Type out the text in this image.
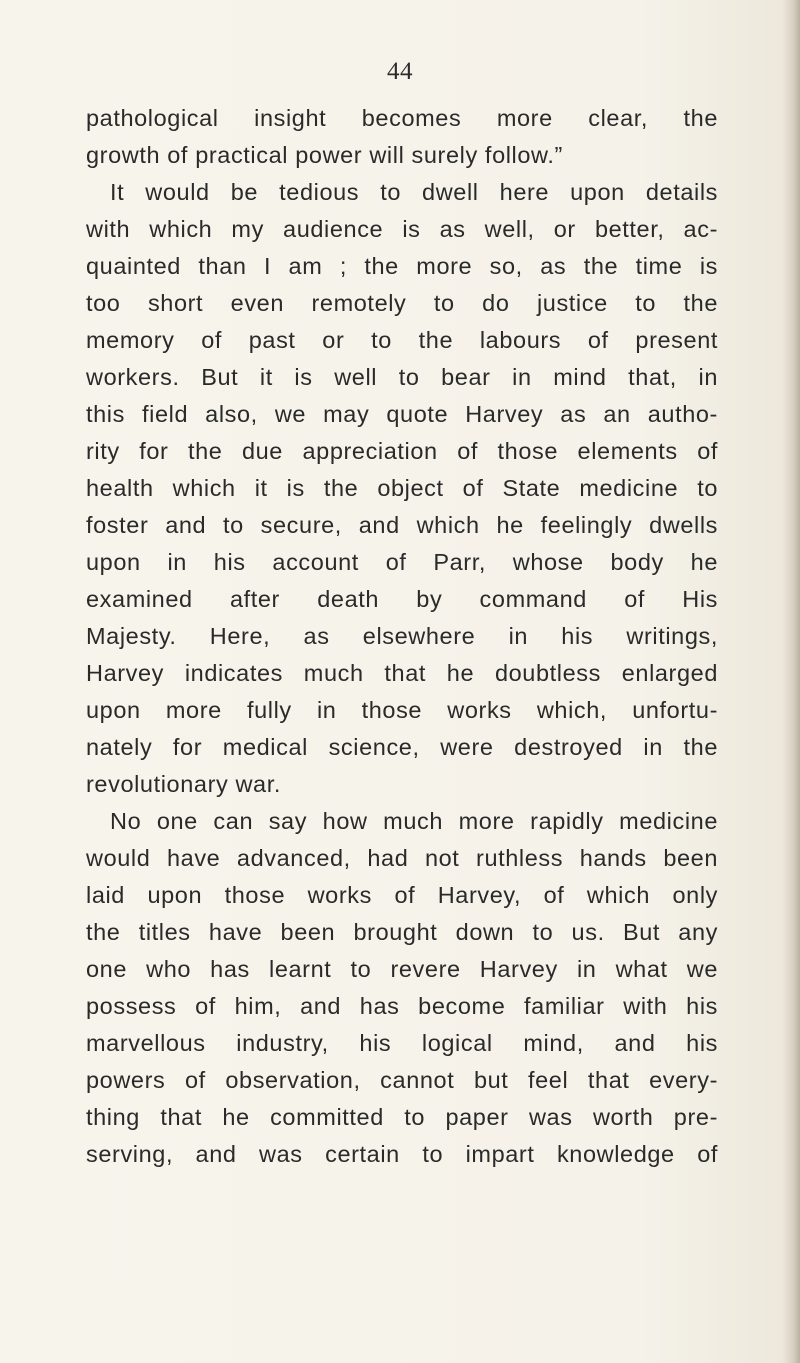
44
pathological insight becomes more clear, the
growth of practical power will surely follow.”
It would be tedious to dwell here upon details
with which my audience is as well, or better, ac-
quainted than I am ; the more so, as the time is
too short even remotely to do justice to the
memory of past or to the labours of present
workers. But it is well to bear in mind that, in
this field also, we may quote Harvey as an autho-
rity for the due appreciation of those elements of
health which it is the object of State medicine to
foster and to secure, and which he feelingly dwells
upon in his account of Parr, whose body he
examined after death by command of His
Majesty. Here, as elsewhere in his writings,
Harvey indicates much that he doubtless enlarged
upon more fully in those works which, unfortu-
nately for medical science, were destroyed in the
revolutionary war.
No one can say how much more rapidly medicine
would have advanced, had not ruthless hands been
laid upon those works of Harvey, of which only
the titles have been brought down to us. But any
one who has learnt to revere Harvey in what we
possess of him, and has become familiar with his
marvellous industry, his logical mind, and his
powers of observation, cannot but feel that every-
thing that he committed to paper was worth pre-
serving, and was certain to impart knowledge of
